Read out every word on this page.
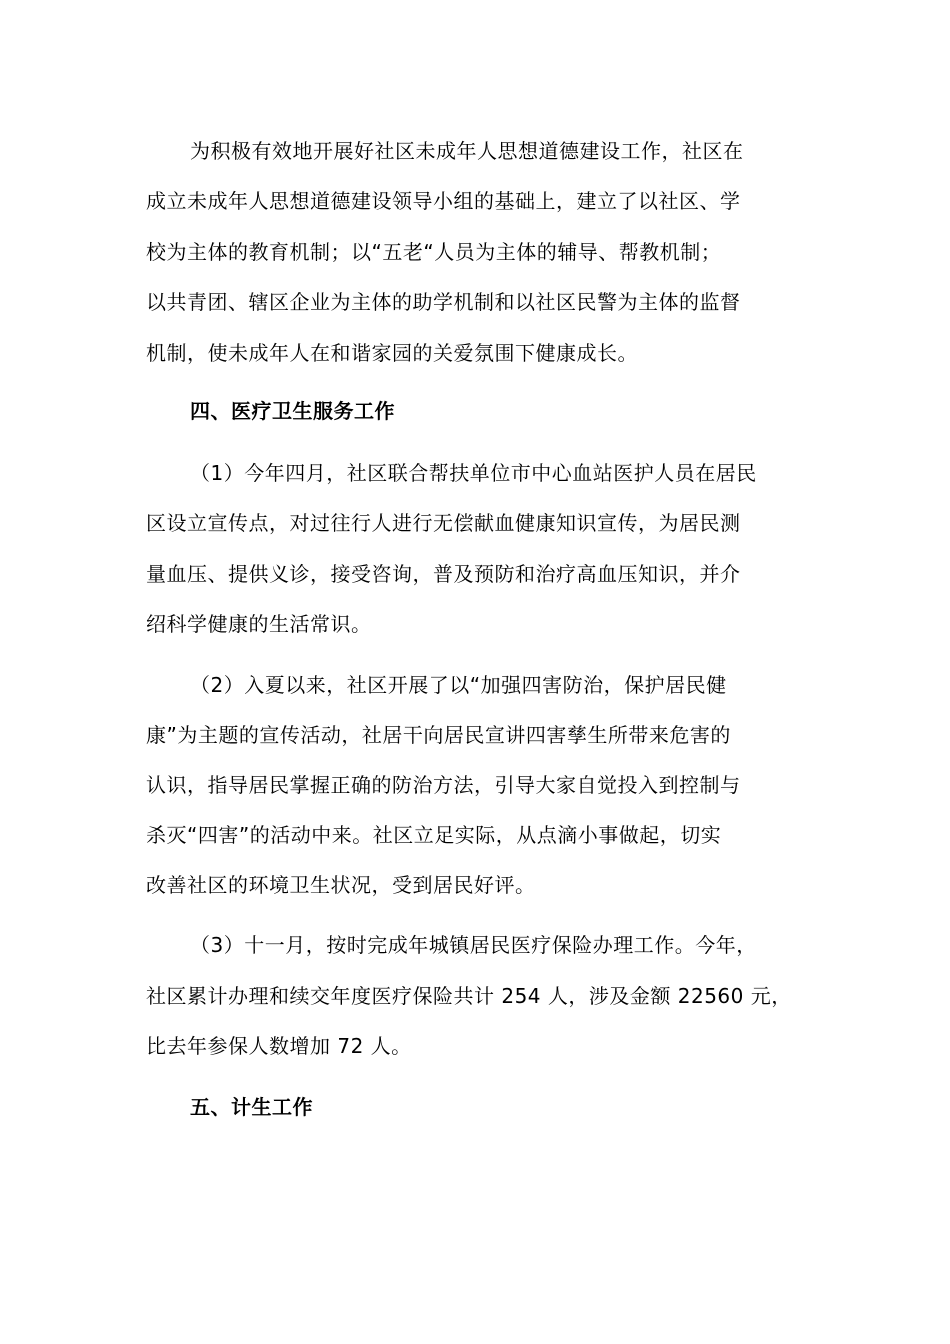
为积极有效地开展好社区未成年人思想道德建设工作，社区在
成立未成年人思想道德建设领导小组的基础上，建立了以社区、学
校为主体的教育机制；以“五老“人员为主体的辅导、帮教机制；
以共青团、辖区企业为主体的助学机制和以社区民警为主体的监督
机制，使未成年人在和谐家园的关爱氛围下健康成长。
四、医疗卫生服务工作
（1）今年四月，社区联合帮扶单位市中心血站医护人员在居民
区设立宣传点，对过往行人进行无偿献血健康知识宣传，为居民测
量血压、提供义诊，接受咨询，普及预防和治疗高血压知识，并介
绍科学健康的生活常识。
（2）入夏以来，社区开展了以“加强四害防治，保护居民健
康”为主题的宣传活动，社居干向居民宣讲四害孳生所带来危害的
认识，指导居民掌握正确的防治方法，引导大家自觉投入到控制与
杀灭“四害”的活动中来。社区立足实际，从点滴小事做起，切实
改善社区的环境卫生状况，受到居民好评。
（3）十一月，按时完成年城镇居民医疗保险办理工作。今年，
社区累计办理和续交年度医疗保险共计 254 人，涉及金额 22560 元，
比去年参保人数增加 72 人。
五、计生工作
